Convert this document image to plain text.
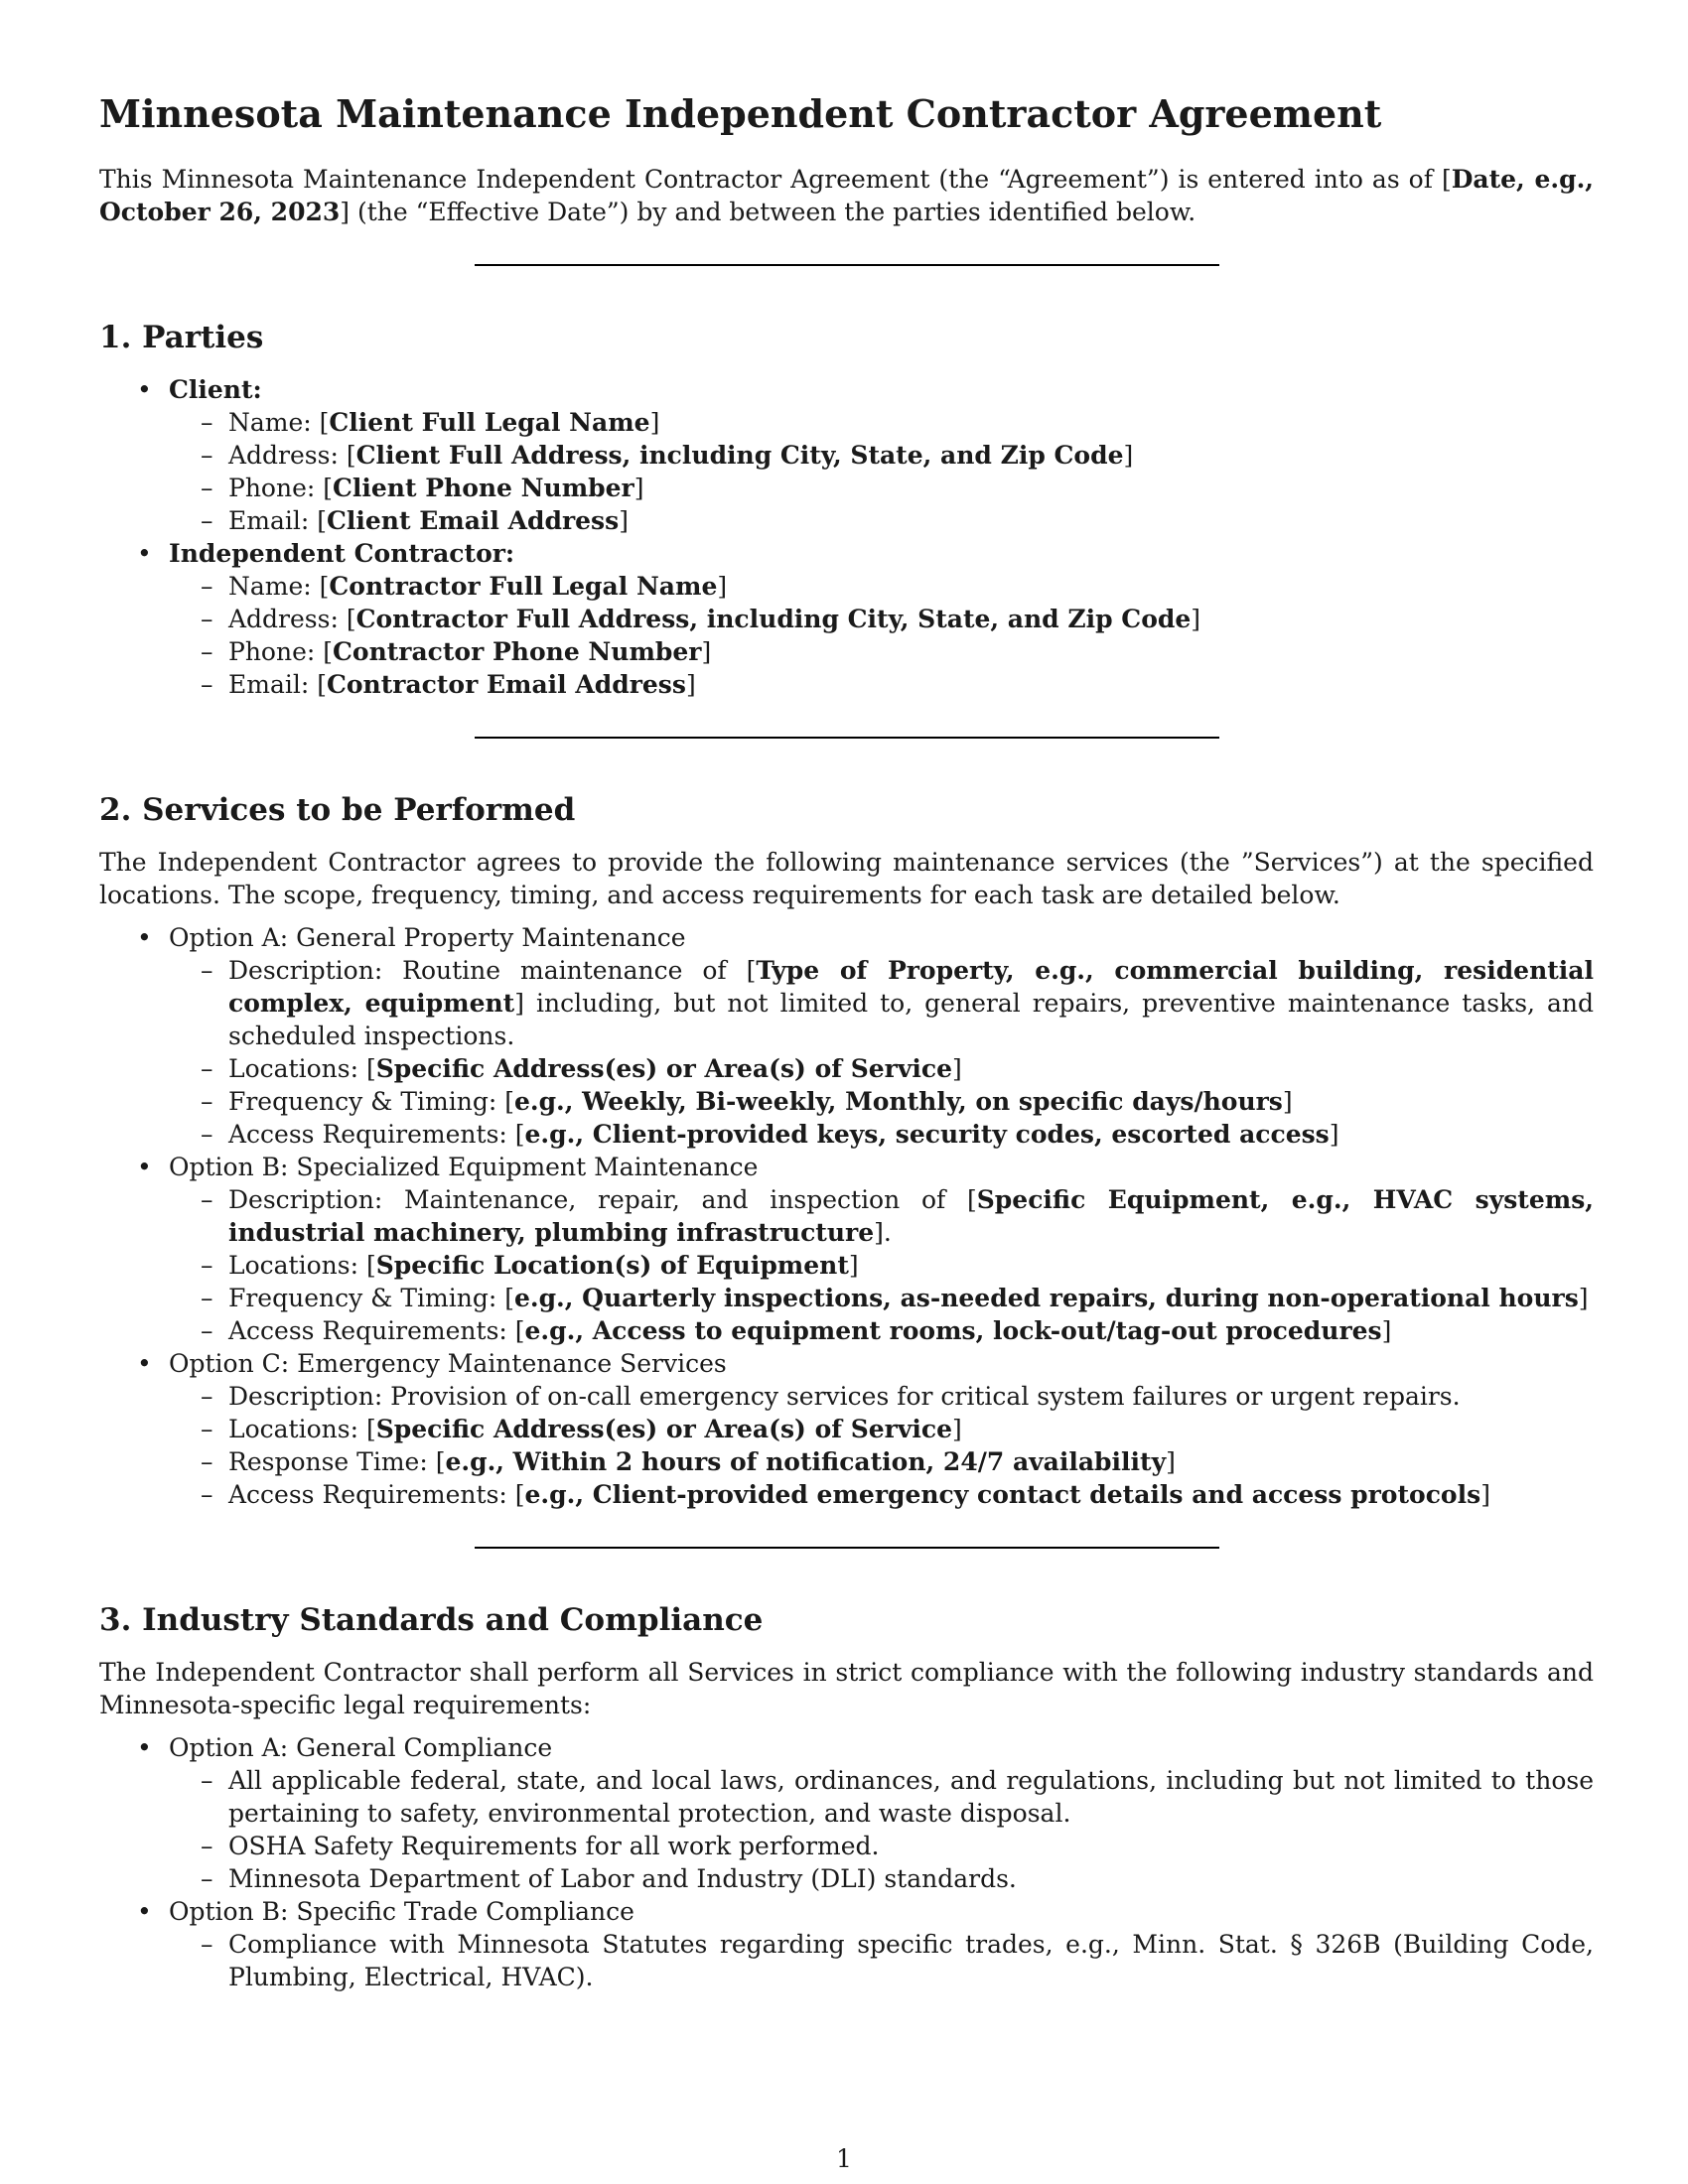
Minnesota Maintenance Independent Contractor Agreement

This Minnesota Maintenance Independent Contractor Agreement (the “Agreement”) is entered into as of [Date, e.g., October 26, 2023] (the “Effective Date”) by and between the parties identified below.

1. Parties
• Client:
– Name: [Client Full Legal Name]
– Address: [Client Full Address, including City, State, and Zip Code]
– Phone: [Client Phone Number]
– Email: [Client Email Address]
• Independent Contractor:
– Name: [Contractor Full Legal Name]
– Address: [Contractor Full Address, including City, State, and Zip Code]
– Phone: [Contractor Phone Number]
– Email: [Contractor Email Address]
2. Services to be Performed

The Independent Contractor agrees to provide the following maintenance services (the ”Services”) at the specified locations. The scope, frequency, timing, and access requirements for each task are detailed below.

• Option A: General Property Maintenance
– Description: Routine maintenance of [Type of Property, e.g., commercial building, residential complex, equipment] including, but not limited to, general repairs, preventive maintenance tasks, and scheduled inspections.
– Locations: [Specific Address(es) or Area(s) of Service]
– Frequency & Timing: [e.g., Weekly, Bi-weekly, Monthly, on specific days/hours]
– Access Requirements: [e.g., Client-provided keys, security codes, escorted access]
• Option B: Specialized Equipment Maintenance
– Description: Maintenance, repair, and inspection of [Specific Equipment, e.g., HVAC systems, industrial machinery, plumbing infrastructure].
– Locations: [Specific Location(s) of Equipment]
– Frequency & Timing: [e.g., Quarterly inspections, as-needed repairs, during non-operational hours]
– Access Requirements: [e.g., Access to equipment rooms, lock-out/tag-out procedures]
• Option C: Emergency Maintenance Services
– Description: Provision of on-call emergency services for critical system failures or urgent repairs.
– Locations: [Specific Address(es) or Area(s) of Service]
– Response Time: [e.g., Within 2 hours of notification, 24/7 availability]
– Access Requirements: [e.g., Client-provided emergency contact details and access protocols]
3. Industry Standards and Compliance

The Independent Contractor shall perform all Services in strict compliance with the following industry standards and Minnesota-specific legal requirements:

• Option A: General Compliance
– All applicable federal, state, and local laws, ordinances, and regulations, including but not limited to those pertaining to safety, environmental protection, and waste disposal.
– OSHA Safety Requirements for all work performed.
– Minnesota Department of Labor and Industry (DLI) standards.
• Option B: Specific Trade Compliance
– Compliance with Minnesota Statutes regarding specific trades, e.g., Minn. Stat. § 326B (Building Code, Plumbing, Electrical, HVAC).
1
